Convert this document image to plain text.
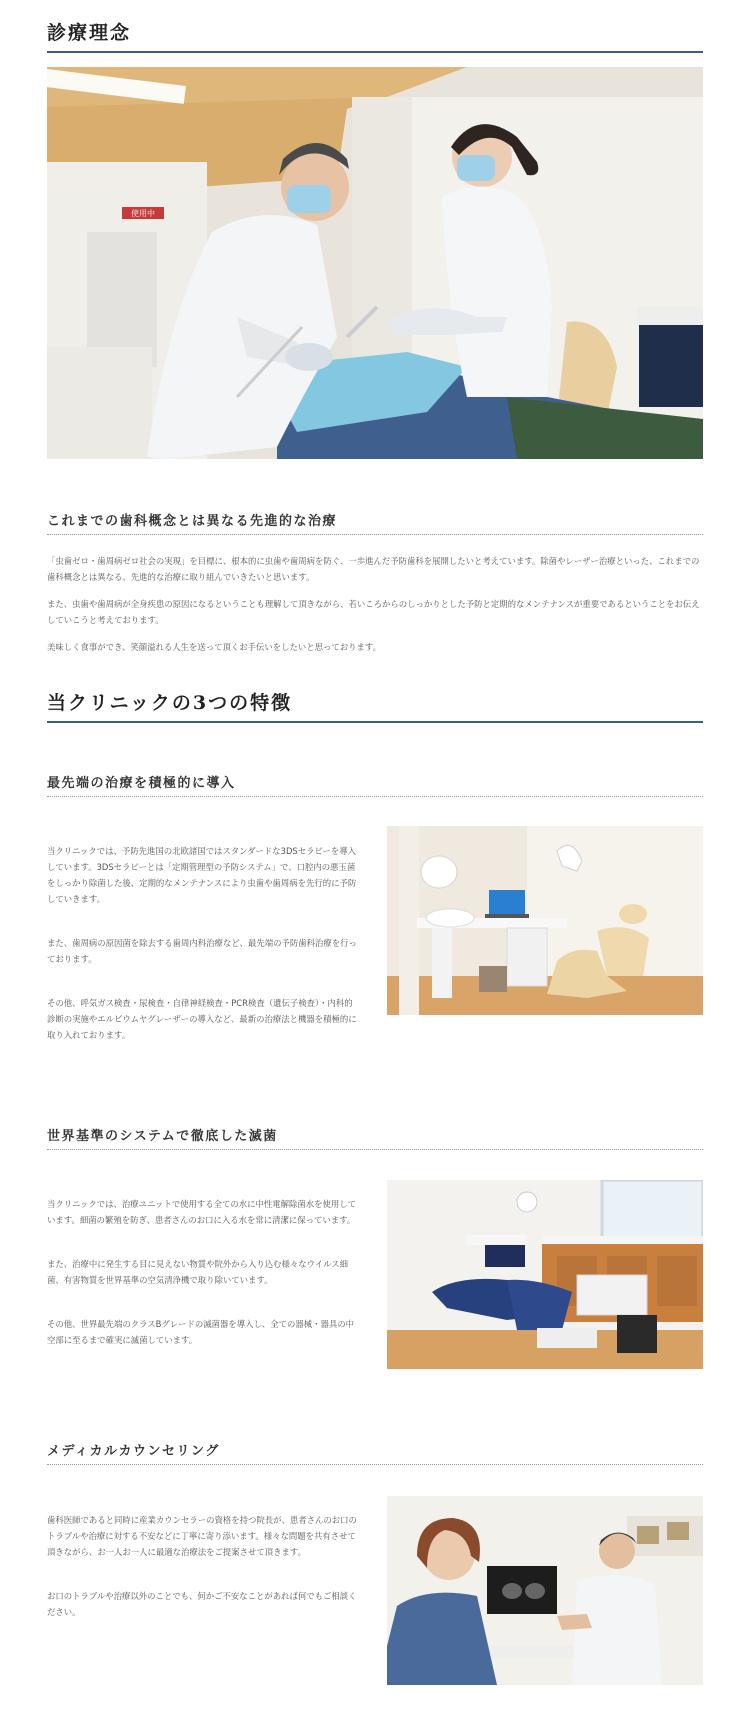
診療理念
使用中
これまでの歯科概念とは異なる先進的な治療

「虫歯ゼロ・歯周病ゼロ社会の実現」を目標に、根本的に虫歯や歯周病を防ぐ、一歩進んだ予防歯科を展開したいと考えています。除菌やレーザー治療といった、これまでの歯科概念とは異なる、先進的な治療に取り組んでいきたいと思います。

また、虫歯や歯周病が全身疾患の原因になるということも理解して頂きながら、若いころからのしっかりとした予防と定期的なメンテナンスが重要であるということをお伝えしていこうと考えております。

美味しく食事ができ、笑顔溢れる人生を送って頂くお手伝いをしたいと思っております。

当クリニックの3つの特徴
最先端の治療を積極的に導入

当クリニックでは、予防先進国の北欧諸国ではスタンダードな3DSセラピーを導入しています。3DSセラピーとは「定期管理型の予防システム」で、口腔内の悪玉菌をしっかり除菌した後、定期的なメンテナンスにより虫歯や歯周病を先行的に予防していきます。

また、歯周病の原因菌を除去する歯周内科治療など、最先端の予防歯科治療を行っております。

その他、呼気ガス検査・尿検査・自律神経検査・PCR検査（遺伝子検査）・内科的診断の実施やエルビウムヤグレーザーの導入など、最新の治療法と機器を積極的に取り入れております。

世界基準のシステムで徹底した滅菌

当クリニックでは、治療ユニットで使用する全ての水に中性電解除菌水を使用しています。細菌の繁殖を防ぎ、患者さんのお口に入る水を常に清潔に保っています。

また、治療中に発生する目に見えない物質や院外から入り込む様々なウイルス細菌、有害物質を世界基準の空気清浄機で取り除いています。

その他、世界最先端のクラスBグレードの滅菌器を導入し、全ての器械・器具の中空部に至るまで確実に滅菌しています。

メディカルカウンセリング

歯科医師であると同時に産業カウンセラーの資格を持つ院長が、患者さんのお口のトラブルや治療に対する不安などに丁寧に寄り添います。様々な問題を共有させて頂きながら、お一人お一人に最適な治療法をご提案させて頂きます。

お口のトラブルや治療以外のことでも、何かご不安なことがあれば何でもご相談ください。
